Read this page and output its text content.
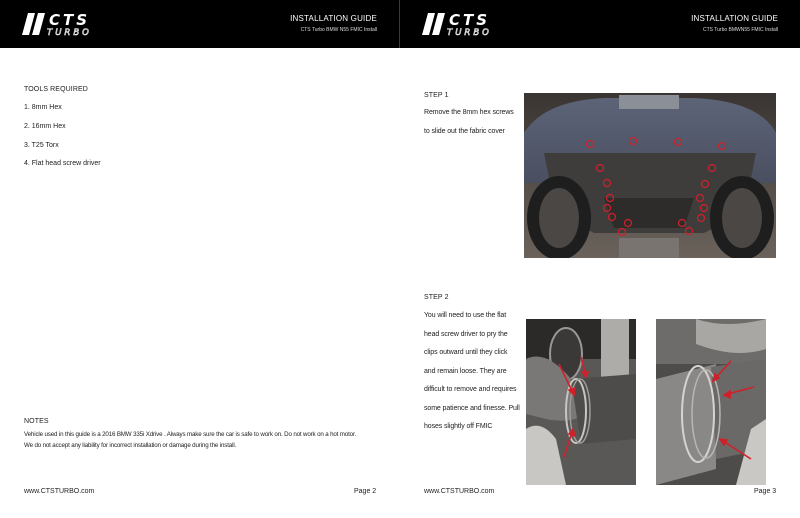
CTS
TURBO
INSTALLATION GUIDE
CTS Turbo BMW N55 FMIC Install
TOOLS REQUIRED
1. 8mm Hex
2. 16mm Hex
3. T25 Torx
4. Flat head screw driver
NOTES
Vehicle used in this guide is a 2016 BMW 335i Xdrive . Always make sure the car is safe to work on. Do not work on a hot motor. We do not accept any liability for incorrect installation or damage during the install.
www.CTSTURBO.com	Page 2
CTS
TURBO
INSTALLATION GUIDE
CTS Turbo BMWN55 FMIC Install
STEP 1
Remove the 8mm hex screws
to slide out the fabric cover
STEP 2
You will need to use the flat
head screw driver to pry the
clips outward until they click
and remain loose. They are
difficult to remove and requires
some patience and finesse. Pull
hoses slightly off FMIC
www.CTSTURBO.com	Page 3
